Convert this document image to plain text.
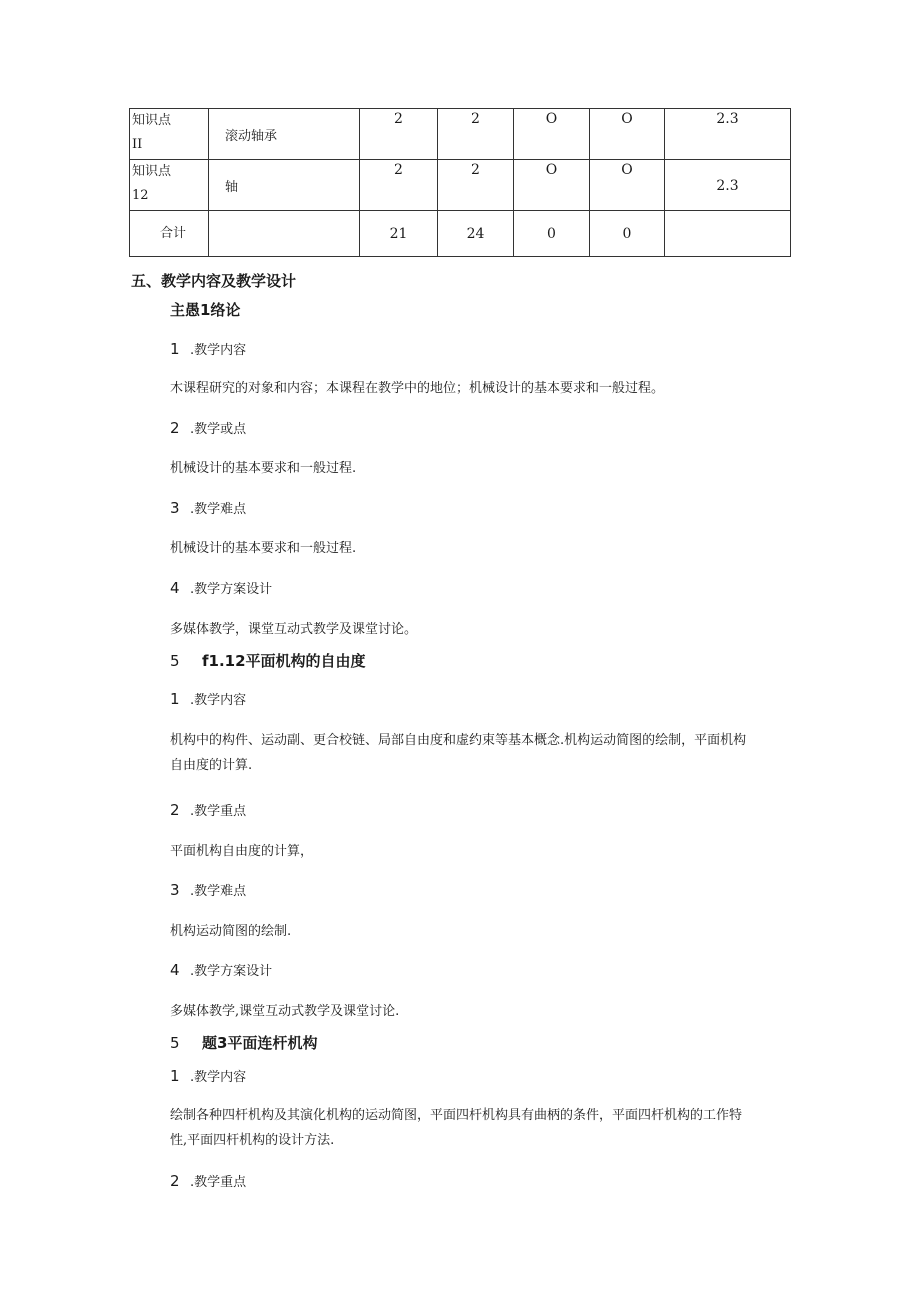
知识点
II	滚动轴承	2	2	O	O	2.3
知识点
12	轴	2	2	O	O	2.3
合计		21	24	0	0	
五、教学内容及教学设计
主愚1络论
1 .教学内容
木课程研究的对象和内容；本课程在教学中的地位；机械设计的基本要求和一般过程。
2 .教学或点
机械设计的基本要求和一般过程.
3 .教学难点
机械设计的基本要求和一般过程.
4 .教学方案设计
多媒体教学，课堂互动式教学及课堂讨论。
5 f1.12平面机构的自由度
1 .教学内容
机构中的构件、运动副、更合校链、局部自由度和虚约束等基本概念.机构运动简图的绘制，平面机构
自由度的计算.
2 .教学重点
平面机构自由度的计算，
3 .教学难点
机构运动简图的绘制.
4 .教学方案设计
多媒体教学,课堂互动式教学及课堂讨论.
5 题3平面连杆机构
1 .教学内容
绘制各种四杆机构及其演化机构的运动简图，平面四杆机构具有曲柄的条件，平面四杆机构的工作特
性,平面四杆机构的设计方法.
2 .教学重点
